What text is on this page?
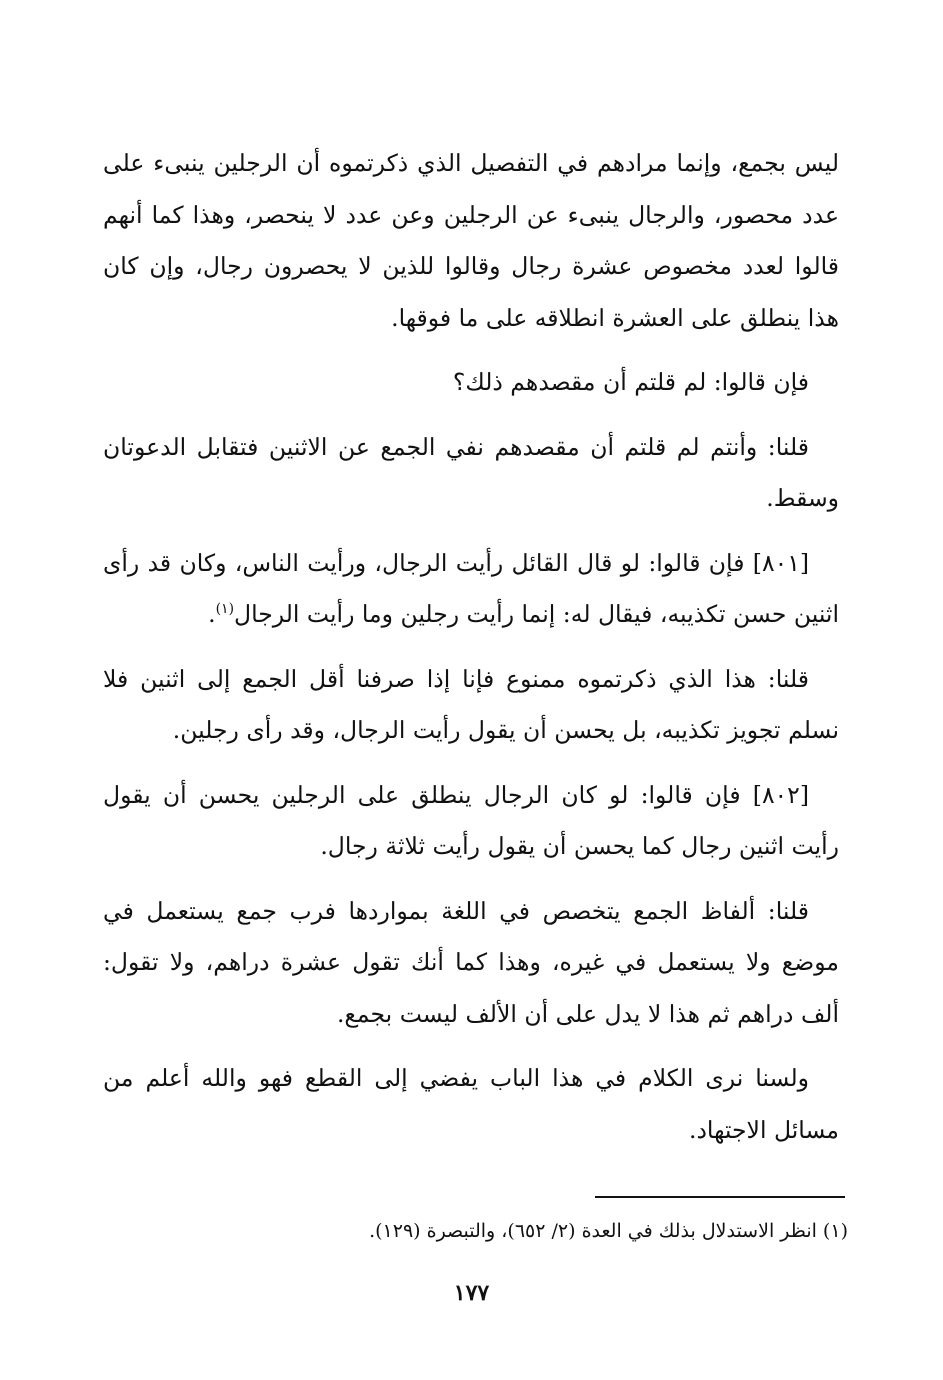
ليس بجمع، وإنما مرادهم في التفصيل الذي ذكرتموه أن الرجلين ينبىء على عدد محصور، والرجال ينبىء عن الرجلين وعن عدد لا ينحصر، وهذا كما أنهم قالوا لعدد مخصوص عشرة رجال وقالوا للذين لا يحصرون رجال، وإن كان هذا ينطلق على العشرة انطلاقه على ما فوقها.

فإن قالوا: لم قلتم أن مقصدهم ذلك؟

قلنا: وأنتم لم قلتم أن مقصدهم نفي الجمع عن الاثنين فتقابل الدعوتان وسقط.

[٨٠١] فإن قالوا: لو قال القائل رأيت الرجال، ورأيت الناس، وكان قد رأى اثنين حسن تكذيبه، فيقال له: إنما رأيت رجلين وما رأيت الرجال$^{(١)}$.

قلنا: هذا الذي ذكرتموه ممنوع فإنا إذا صرفنا أقل الجمع إلى اثنين فلا نسلم تجويز تكذيبه، بل يحسن أن يقول رأيت الرجال، وقد رأى رجلين.

[٨٠٢] فإن قالوا: لو كان الرجال ينطلق على الرجلين يحسن أن يقول رأيت اثنين رجال كما يحسن أن يقول رأيت ثلاثة رجال.

قلنا: ألفاظ الجمع يتخصص في اللغة بمواردها فرب جمع يستعمل في موضع ولا يستعمل في غيره، وهذا كما أنك تقول عشرة دراهم، ولا تقول: ألف دراهم ثم هذا لا يدل على أن الألف ليست بجمع.

ولسنا نرى الكلام في هذا الباب يفضي إلى القطع فهو والله أعلم من مسائل الاجتهاد.

(١) انظر الاستدلال بذلك في العدة (٢/ ٦٥٢)، والتبصرة (١٢٩).

١٧٧
